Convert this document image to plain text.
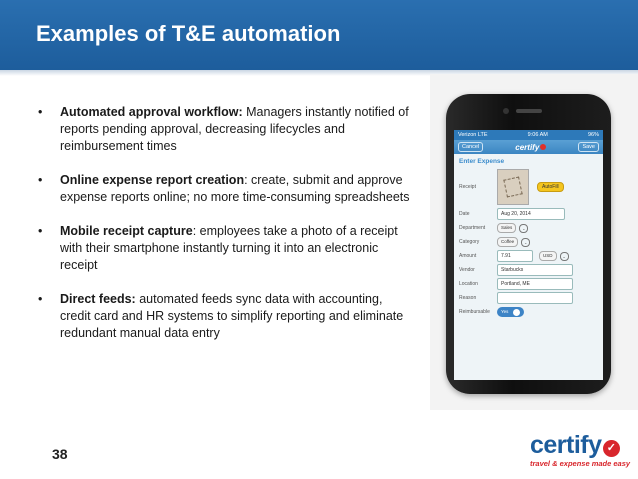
Examples of T&E automation
• Automated approval workflow: Managers instantly notified of reports pending approval, decreasing lifecycles and reimbursement times
• Online expense report creation: create, submit and approve expense reports online; no more time-consuming spreadsheets
• Mobile receipt capture: employees take a photo of a receipt with their smartphone instantly turning it into an electronic receipt
• Direct feeds: automated feeds sync data with accounting, credit card and HR systems to simplify reporting and eliminate redundant manual data entry
Verizon LTE	9:06 AM	96%
Cancel	certify	Save
Enter Expense
Receipt	AutoFill
Date	Aug 20, 2014
Department	Sales	⌄
Category	Coffee	⌄
Amount	7.91	USD	⌄
Vendor	Starbucks
Location	Portland, ME
Reason
Reimbursable	Yes
38	certify ✓
travel & expense made easy
